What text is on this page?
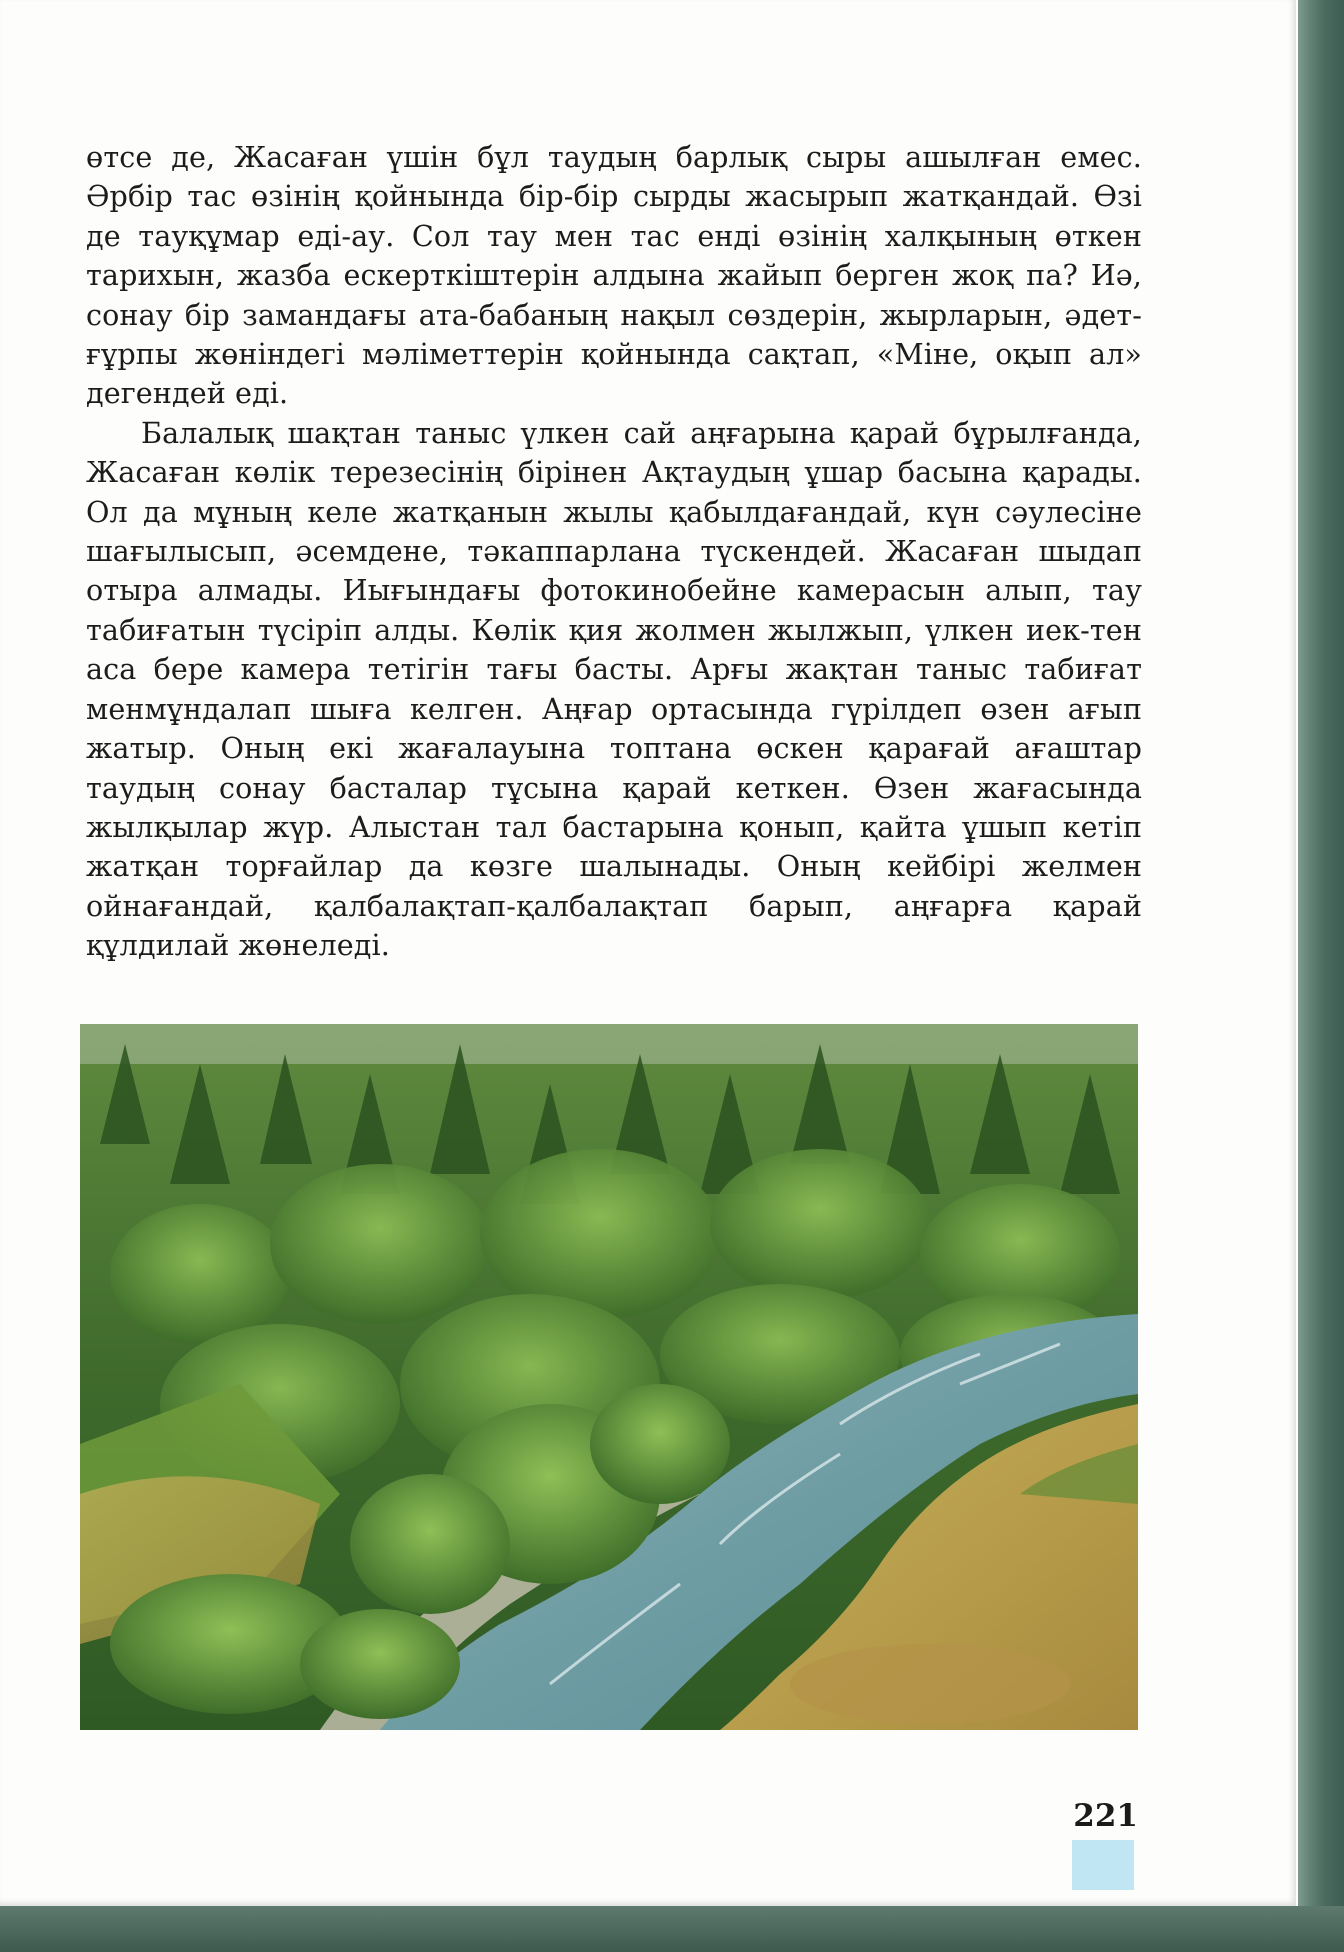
өтсе де, Жасаған үшін бұл таудың барлық сыры ашылған емес. Әрбір тас өзінің қойнында бір-бір сырды жасырып жатқандай. Өзі де тауқұмар еді-ау. Сол тау мен тас енді өзінің халқының өткен тарихын, жазба ескерткіштерін алдына жайып берген жоқ па? Иә, сонау бір замандағы ата-бабаның нақыл сөздерін, жырларын, әдет-ғұрпы жөніндегі мәліметтерін қойнында сақтап, «Міне, оқып ал» дегендей еді.

Балалық шақтан таныс үлкен сай аңғарына қарай бұрылғанда, Жасаған көлік терезесінің бірінен Ақтаудың ұшар басына қарады. Ол да мұның келе жатқанын жылы қабылдағандай, күн сәулесіне шағылысып, әсемдене, тәкаппарлана түскендей. Жасаған шыдап отыра алмады. Иығындағы фотокинобейне камерасын алып, тау табиғатын түсіріп алды. Көлік қия жолмен жылжып, үлкен иек-тен аса бере камера тетігін тағы басты. Арғы жақтан таныс табиғат менмұндалап шыға келген. Аңғар ортасында гүрілдеп өзен ағып жатыр. Оның екі жағалауына топтана өскен қарағай ағаштар таудың сонау басталар тұсына қарай кеткен. Өзен жағасында жылқылар жүр. Алыстан тал бастарына қонып, қайта ұшып кетіп жатқан торғайлар да көзге шалынады. Оның кейбірі желмен ойнағандай, қалбалақтап-қалбалақтап барып, аңғарға қарай құлдилай жөнеледі.

221
